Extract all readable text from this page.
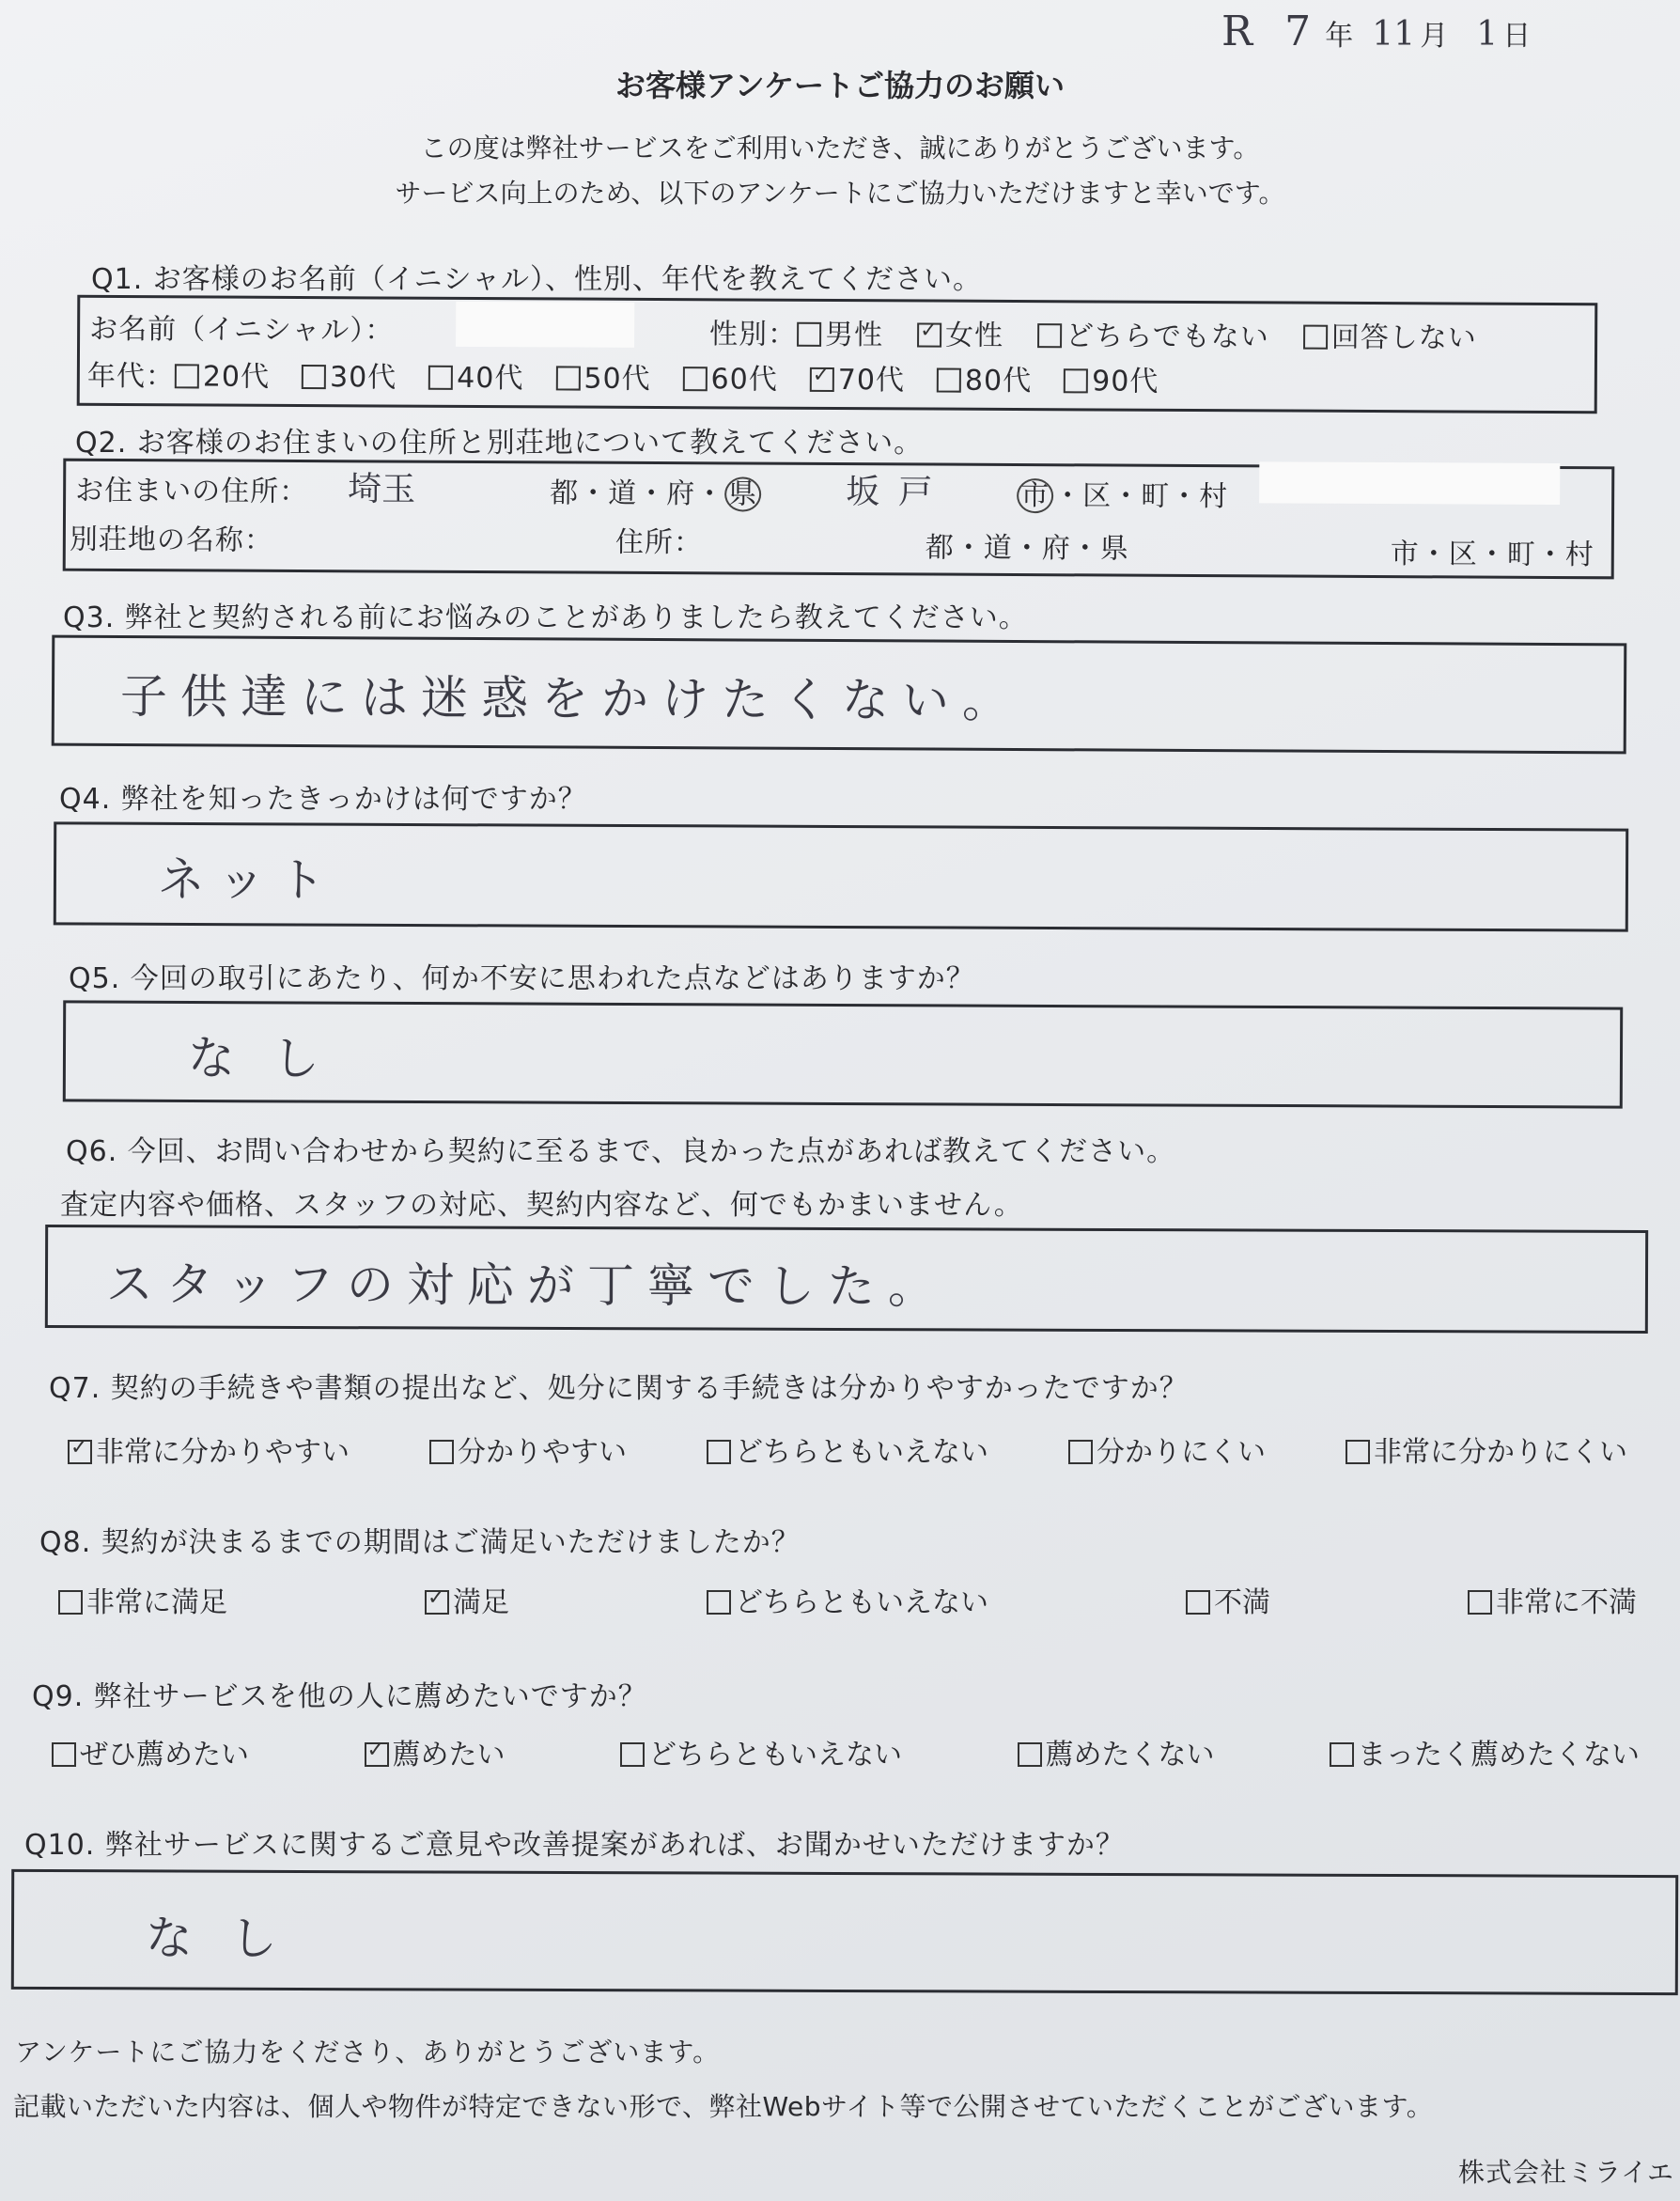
R 7 年 11 月 1 日
お客様アンケートご協力のお願い
この度は弊社サービスをご利用いただき、誠にありがとうございます。
サービス向上のため、以下のアンケートにご協力いただけますと幸いです。
Q1. お客様のお名前（イニシャル）、性別、年代を教えてください。
お名前（イニシャル）：	性別： 男性 ✓ 女性 どちらでもない 回答しない
年代： 20代 30代 40代 50代 60代 ✓ 70代 80代 90代
Q2. お客様のお住まいの住所と別荘地について教えてください。
お住まいの住所： 埼玉	都・道・府・ 県	坂戸 市 ・区・町・村
別荘地の名称：	住所：	都・道・府・県	市・区・町・村
Q3. 弊社と契約される前にお悩みのことがありましたら教えてください。
子供達には迷惑をかけたくない。
Q4. 弊社を知ったきっかけは何ですか？
ネット
Q5. 今回の取引にあたり、何か不安に思われた点などはありますか？
なし
Q6. 今回、お問い合わせから契約に至るまで、良かった点があれば教えてください。
査定内容や価格、スタッフの対応、契約内容など、何でもかまいません。
スタッフの対応が丁寧でした。
Q7. 契約の手続きや書類の提出など、処分に関する手続きは分かりやすかったですか？
✓非常に分かりやすい	分かりやすい	どちらともいえない	分かりにくい	非常に分かりにくい
Q8. 契約が決まるまでの期間はご満足いただけましたか？
非常に満足 ✓	満足	どちらともいえない	不満	非常に不満
Q9. 弊社サービスを他の人に薦めたいですか？
ぜひ薦めたい ✓	薦めたい	どちらともいえない	薦めたくない	まったく薦めたくない
Q10. 弊社サービスに関するご意見や改善提案があれば、お聞かせいただけますか？
なし
アンケートにご協力をくださり、ありがとうございます。
記載いただいた内容は、個人や物件が特定できない形で、弊社Webサイト等で公開させていただくことがございます。
株式会社ミライエ
